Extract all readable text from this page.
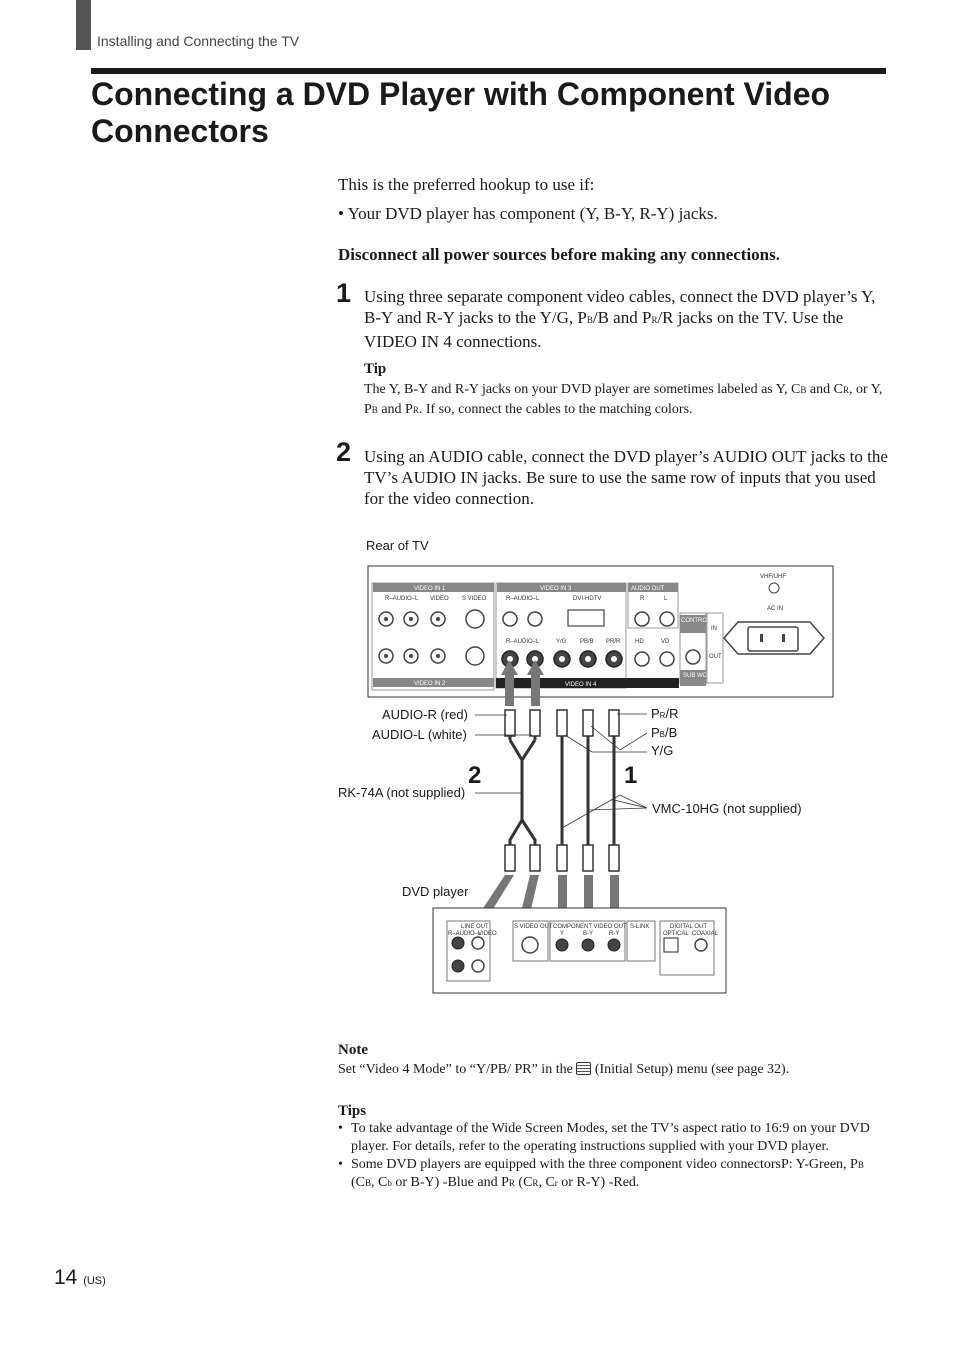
Installing and Connecting the TV
Connecting a DVD Player with Component Video Connectors

This is the preferred hookup to use if:

• Your DVD player has component (Y, B-Y, R-Y) jacks.

Disconnect all power sources before making any connections.

1 Using three separate component video cables, connect the DVD player’s Y, B-Y and R-Y jacks to the Y/G, PB/B and PR/R jacks on the TV. Use the VIDEO IN 4 connections.

Tip

The Y, B-Y and R-Y jacks on your DVD player are sometimes labeled as Y, CB and CR, or Y, PB and PR. If so, connect the cables to the matching colors.

2 Using an AUDIO cable, connect the DVD player’s AUDIO OUT jacks to the TV’s AUDIO IN jacks. Be sure to use the same row of inputs that you used for the video connection.

Rear of TV
VIDEO IN 1
VIDEO IN 2
R–AUDIO–L VIDEO S VIDEO
VIDEO IN 3
R–AUDIO–L	DVI-HDTV
R–AUDIO–L	Y/G PB/B PR/R
VIDEO IN 4
AUDIO OUT
R	L
HD	VD
CONTROL S
SUB WOOFER
IN
OUT
VHF/UHF
AC IN
AUDIO-R (red)
AUDIO-L (white)
PR/R
PB/B
Y/G
RK-74A (not supplied)
VMC-10HG (not supplied)
2	1
DVD player
LINE OUT
R–AUDIO–L
VIDEO
S VIDEO OUT COMPONENT VIDEO OUT
Y	B-Y	R-Y
S-LINK	DIGITAL OUT
OPTICAL COAXIAL

Note

Set “Video 4 Mode” to “Y/PB/ PR” in the  (Initial Setup) menu (see page 32).

Tips

• To take advantage of the Wide Screen Modes, set the TV’s aspect ratio to 16:9 on your DVD player. For details, refer to the operating instructions supplied with your DVD player.
• Some DVD players are equipped with the three component video connectorsP: Y-Green, PB (CB, Cb or B-Y) -Blue and PR (CR, Cr or R-Y) -Red.
14 (US)
